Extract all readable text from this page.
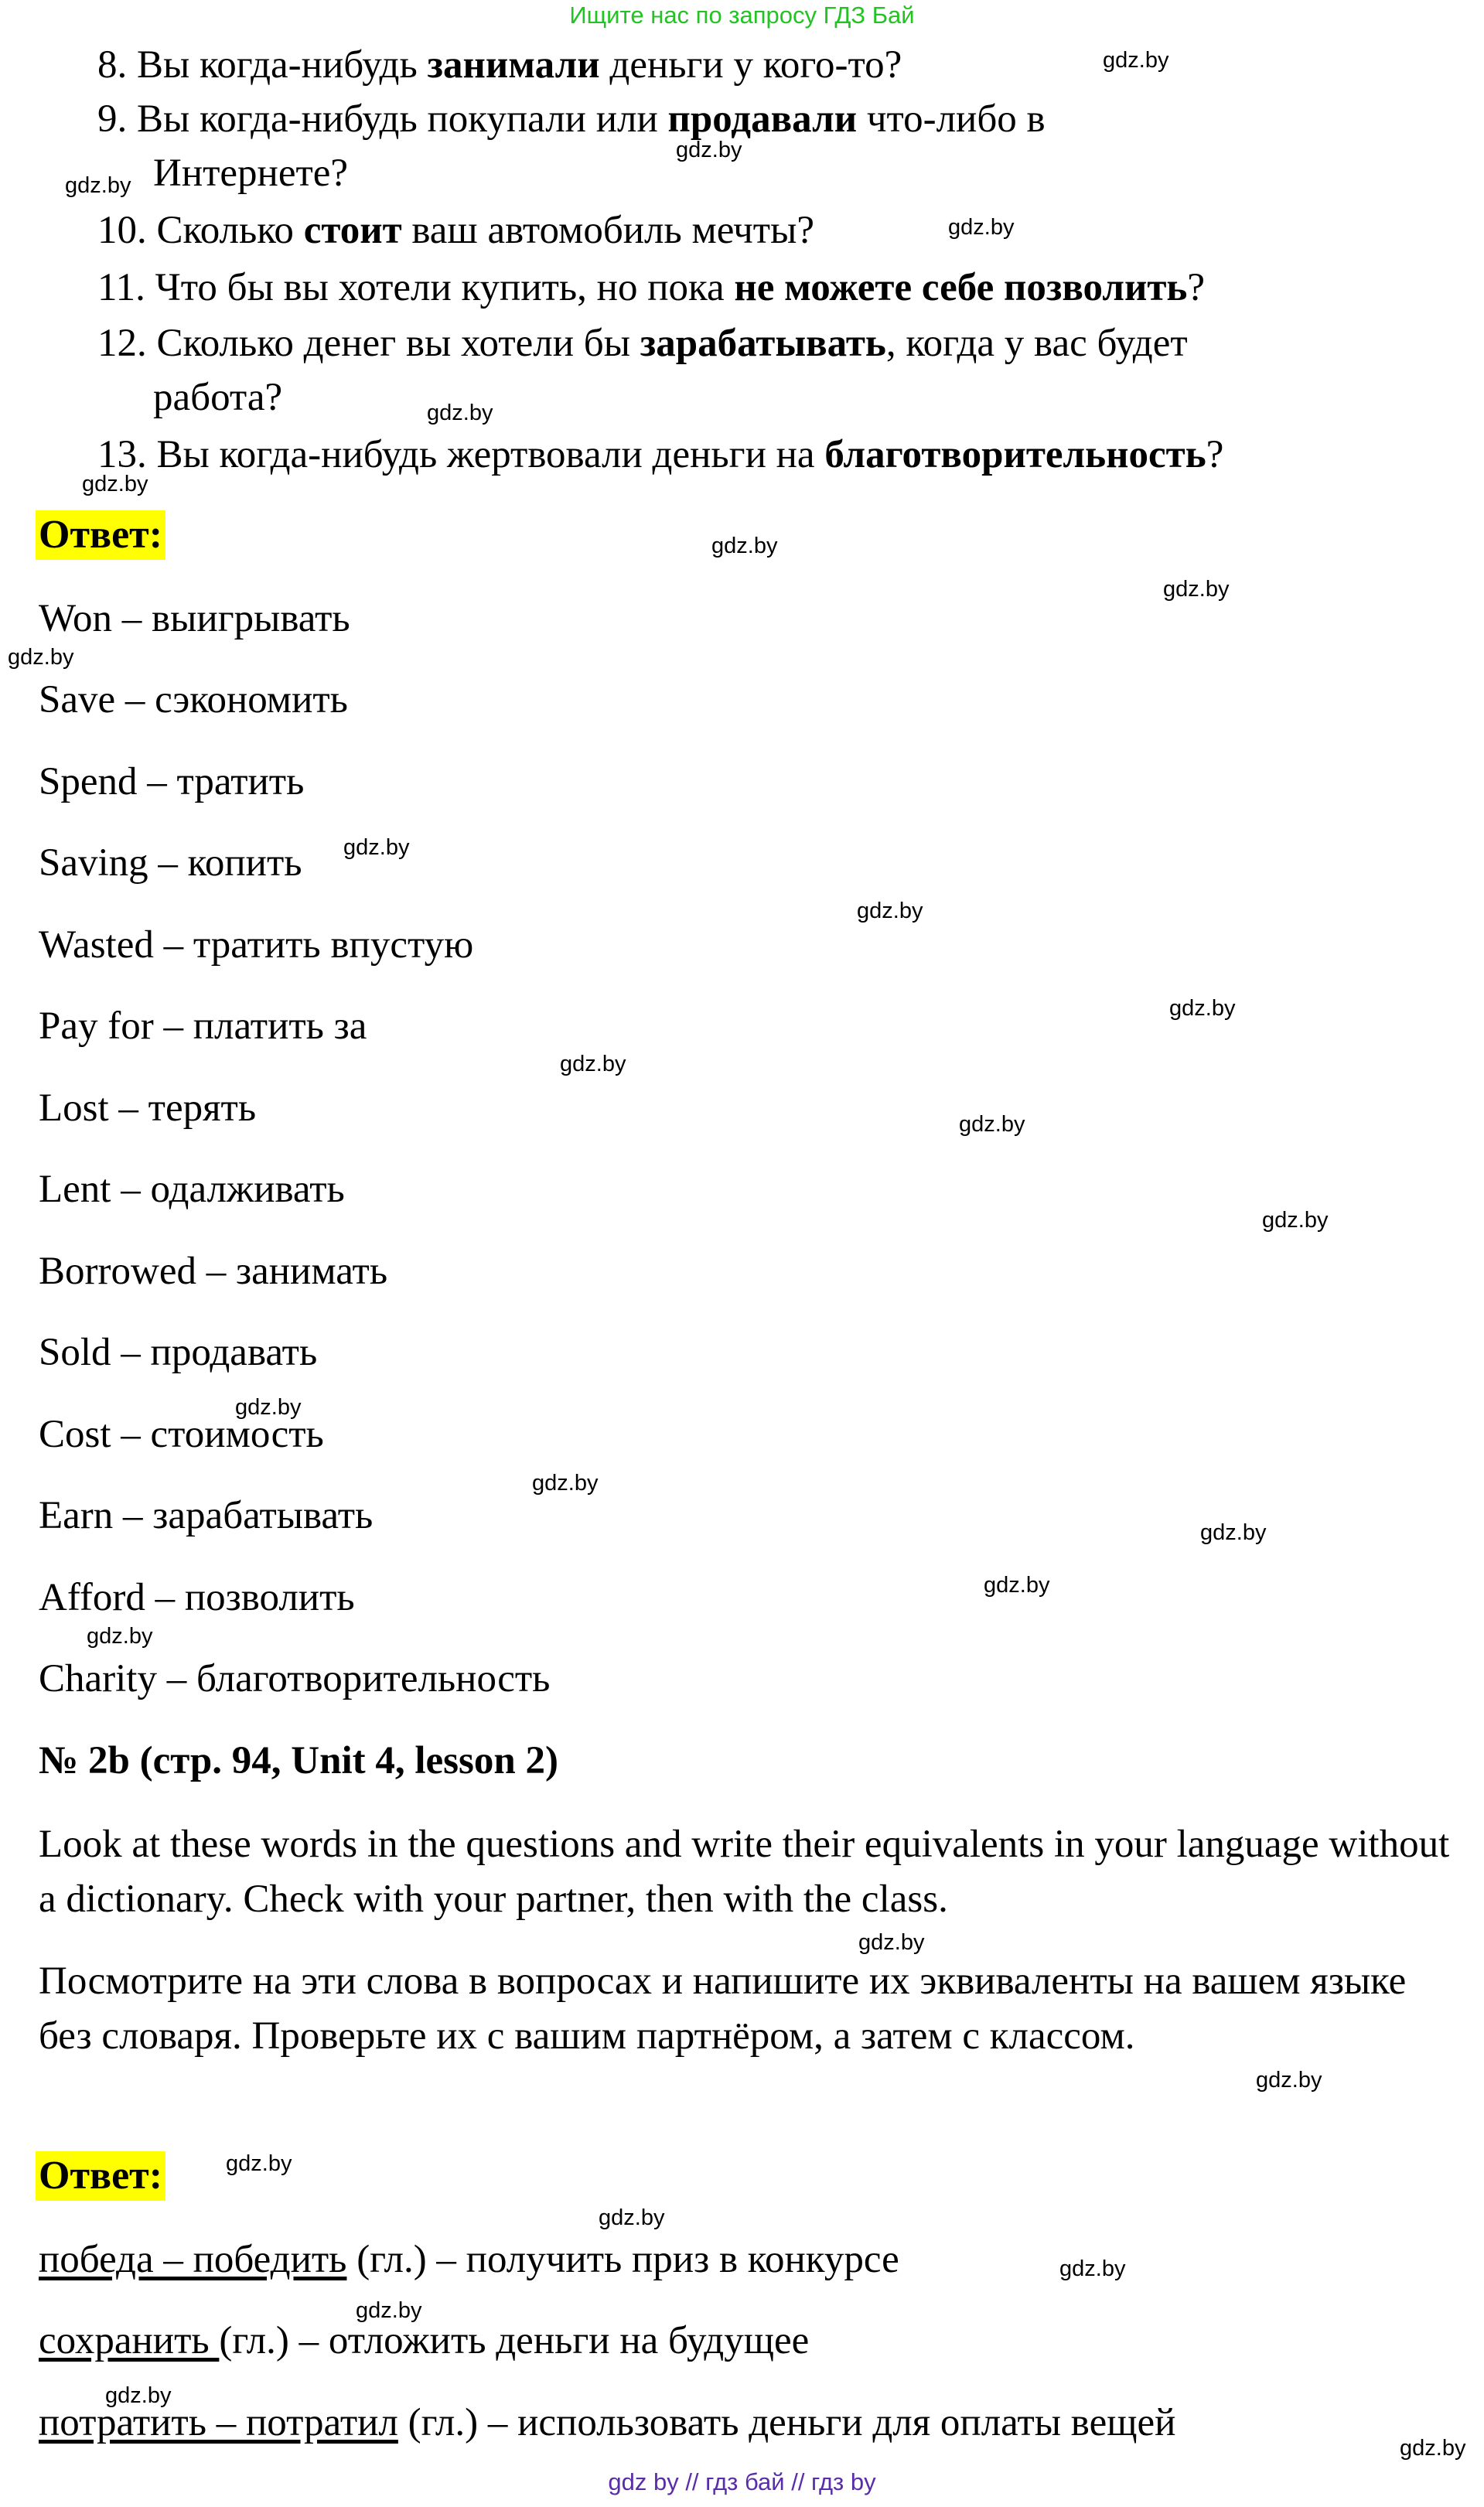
Ищите нас по запросу ГДЗ Бай
8. Вы когда-нибудь занимали деньги у кого-то?
9. Вы когда-нибудь покупали или продавали что-либо в
Интернете?
10. Сколько стоит ваш автомобиль мечты?
11. Что бы вы хотели купить, но пока не можете себе позволить?
12. Сколько денег вы хотели бы зарабатывать, когда у вас будет
работа?
13. Вы когда-нибудь жертвовали деньги на благотворительность?
Ответ:
Won – выигрывать
Save – сэкономить
Spend – тратить
Saving – копить
Wasted – тратить впустую
Pay for – платить за
Lost – терять
Lent – одалживать
Borrowed – занимать
Sold – продавать
Cost – стоимость
Earn – зарабатывать
Afford – позволить
Charity – благотворительность
№ 2b (стр. 94, Unit 4, lesson 2)
Look at these words in the questions and write their equivalents in your language without a dictionary. Check with your partner, then with the class.
Посмотрите на эти слова в вопросах и напишите их эквиваленты на вашем языке без словаря. Проверьте их с вашим партнёром, а затем с классом.
Ответ:
победа – победить (гл.) – получить приз в конкурсе
сохранить (гл.) – отложить деньги на будущее
потратить – потратил (гл.) – использовать деньги для оплаты вещей
gdz.by
gdz.by
gdz.by
gdz.by
gdz.by
gdz.by
gdz.by
gdz.by
gdz.by
gdz.by
gdz.by
gdz.by
gdz.by
gdz.by
gdz.by
gdz.by
gdz.by
gdz.by
gdz.by
gdz.by
gdz.by
gdz.by
gdz.by
gdz.by
gdz.by
gdz.by
gdz.by
gdz.by
gdz by // гдз бай // гдз by
